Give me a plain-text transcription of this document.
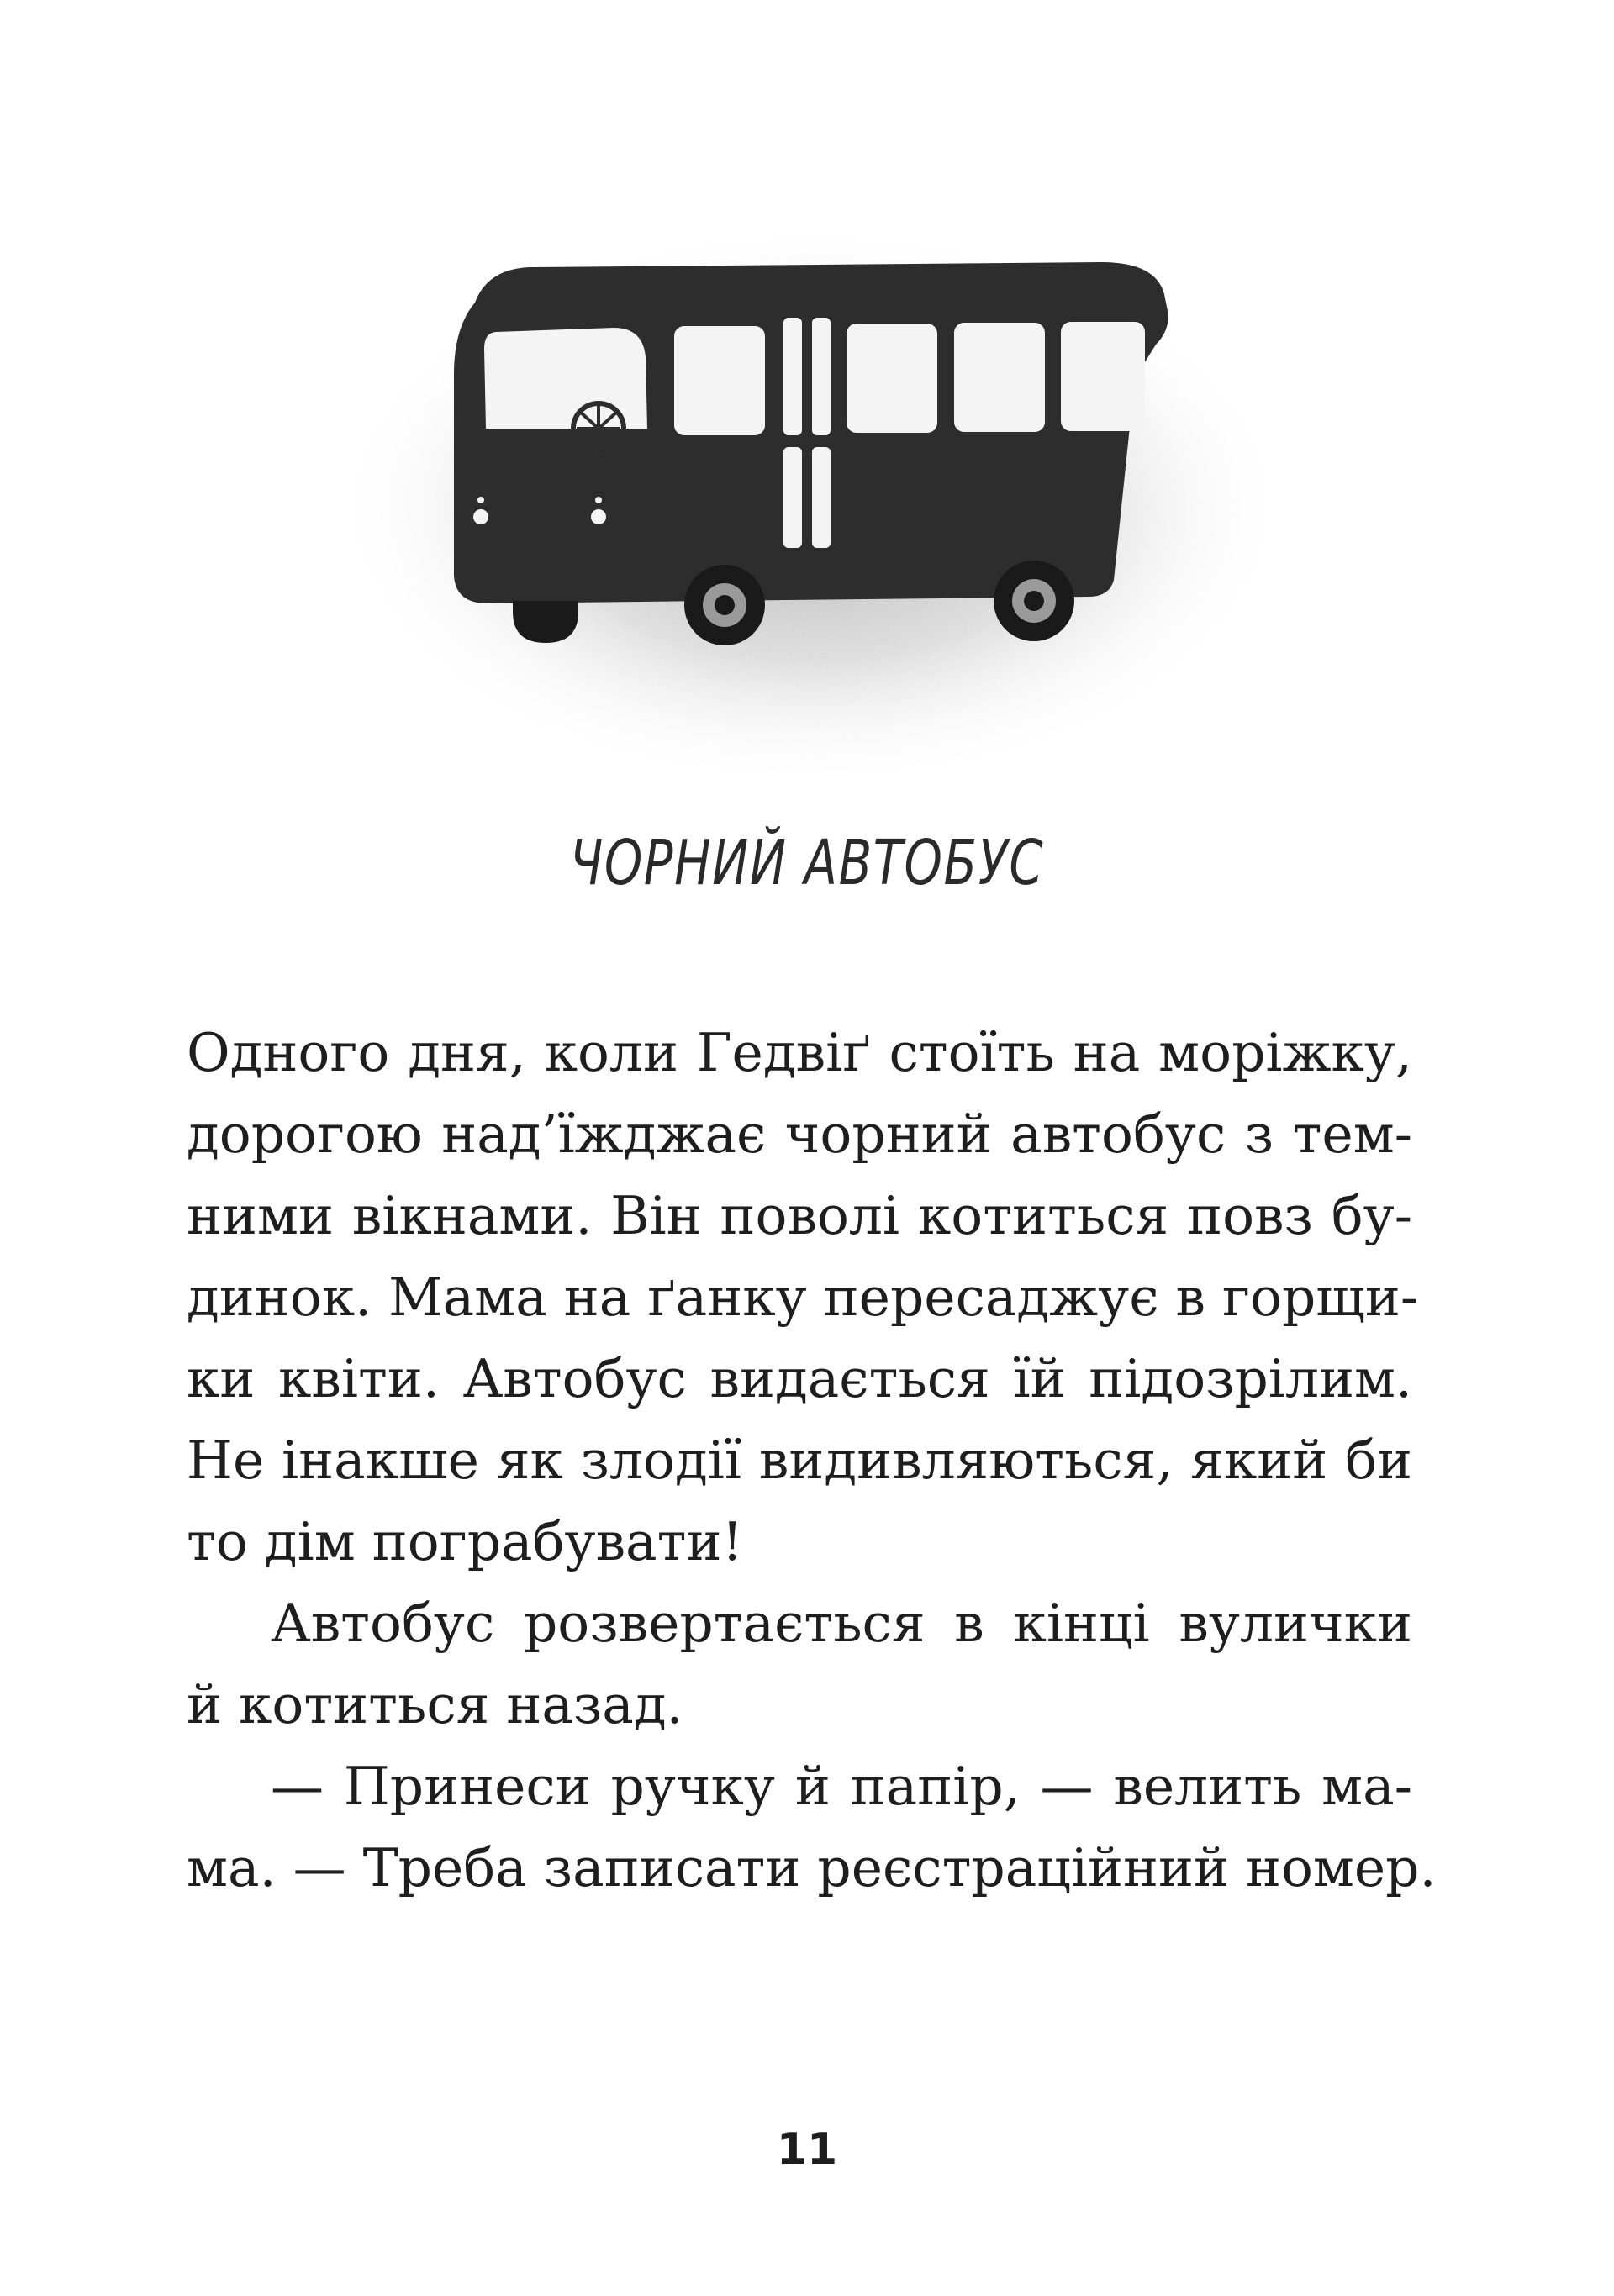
ЧОРНИЙ АВТОБУС
Одного дня, коли Гедвіґ стоїть на моріжку,
дорогою над’їжджає чорний автобус з тем-
ними вікнами. Він поволі котиться повз бу-
динок. Мама на ґанку пересаджує в горщи-
ки квіти. Автобус видається їй підозрілим.
Не інакше як злодії видивляються, який би
то дім пограбувати!
Автобус розвертається в кінці вулички
й котиться назад.
— Принеси ручку й папір, — велить ма-
ма. — Треба записати реєстраційний номер.
11
